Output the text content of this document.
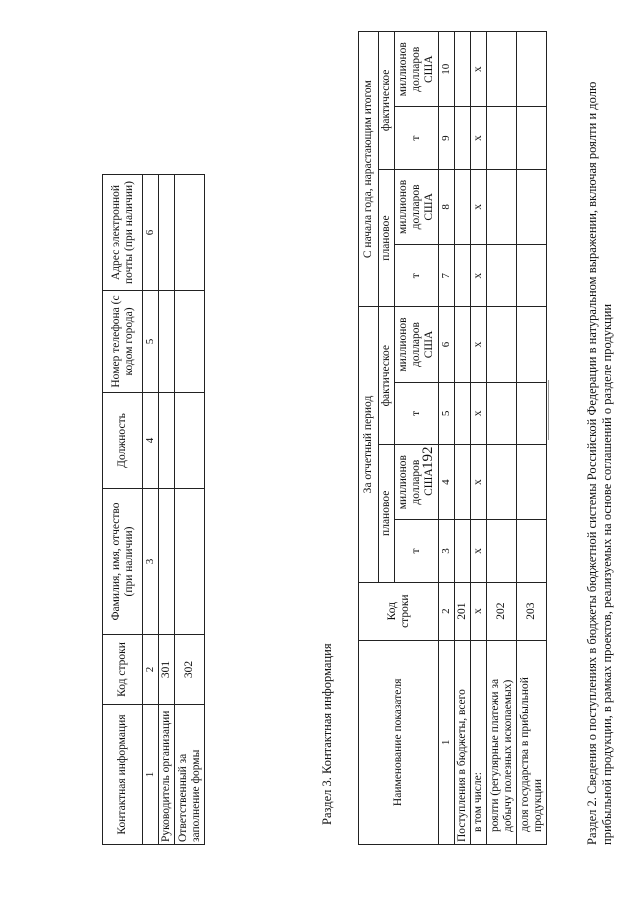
192	Раздел 2. Сведения о поступлениях в бюджеты бюджетной системы Российской Федерации в натуральном выражении, включая роялти и долю прибыльной продукции, в рамках проектов, реализуемых на основе соглашений о разделе продукции
Наименование показателя	Код строки	За отчетный период				С начала года, нарастающим итогом			
		плановое		фактическое		плановое		фактическое	
		т	миллионов долларов США	т	миллионов долларов США	т	миллионов долларов США	т	миллионов долларов США
1	2	3	4	5	6	7	8	9	10
Поступления в бюджеты, всего	201								
в том числе:	x	x	x	x	x	x	x	x	x
роялти (регулярные платежи за добычу полезных ископаемых)	202								
доля государства в прибыльной продукции	203								
Раздел 3. Контактная информация
Контактная информация	Код строки	Фамилия, имя, отчество (при наличии)	Должность	Номер телефона (с кодом города)	Адрес электронной почты (при наличии)
1	2	3	4	5	6
Руководитель организации	301				
Ответственный за заполнение формы	302				
